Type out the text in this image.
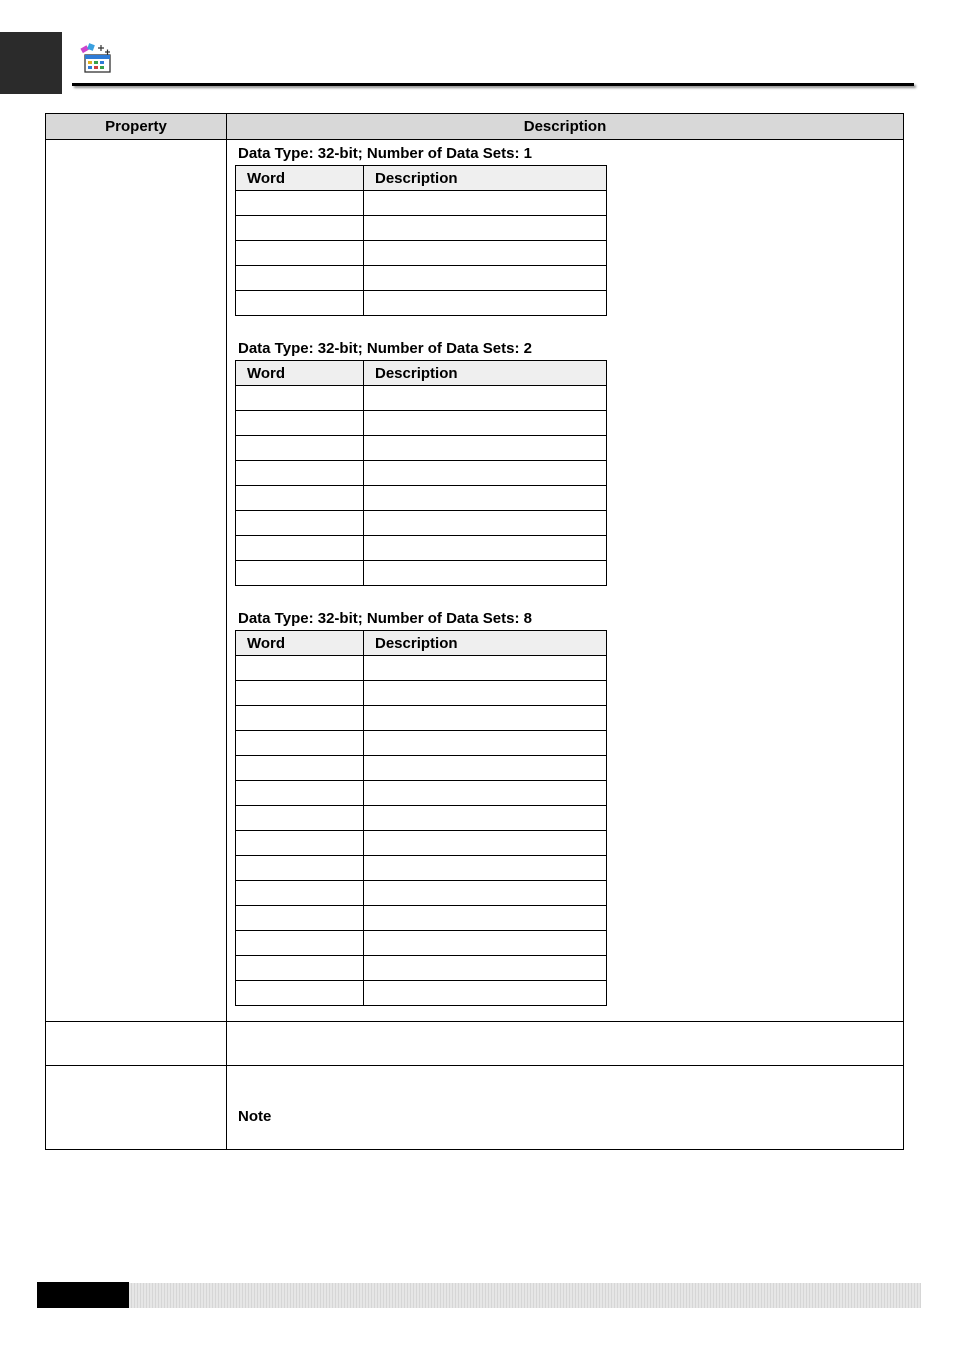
Property	Description

Data Type: 32-bit; Number of Data Sets: 1
Word	Description

Data Type: 32-bit; Number of Data Sets: 2
Word	Description

Data Type: 32-bit; Number of Data Sets: 8
Word	Description

Note
